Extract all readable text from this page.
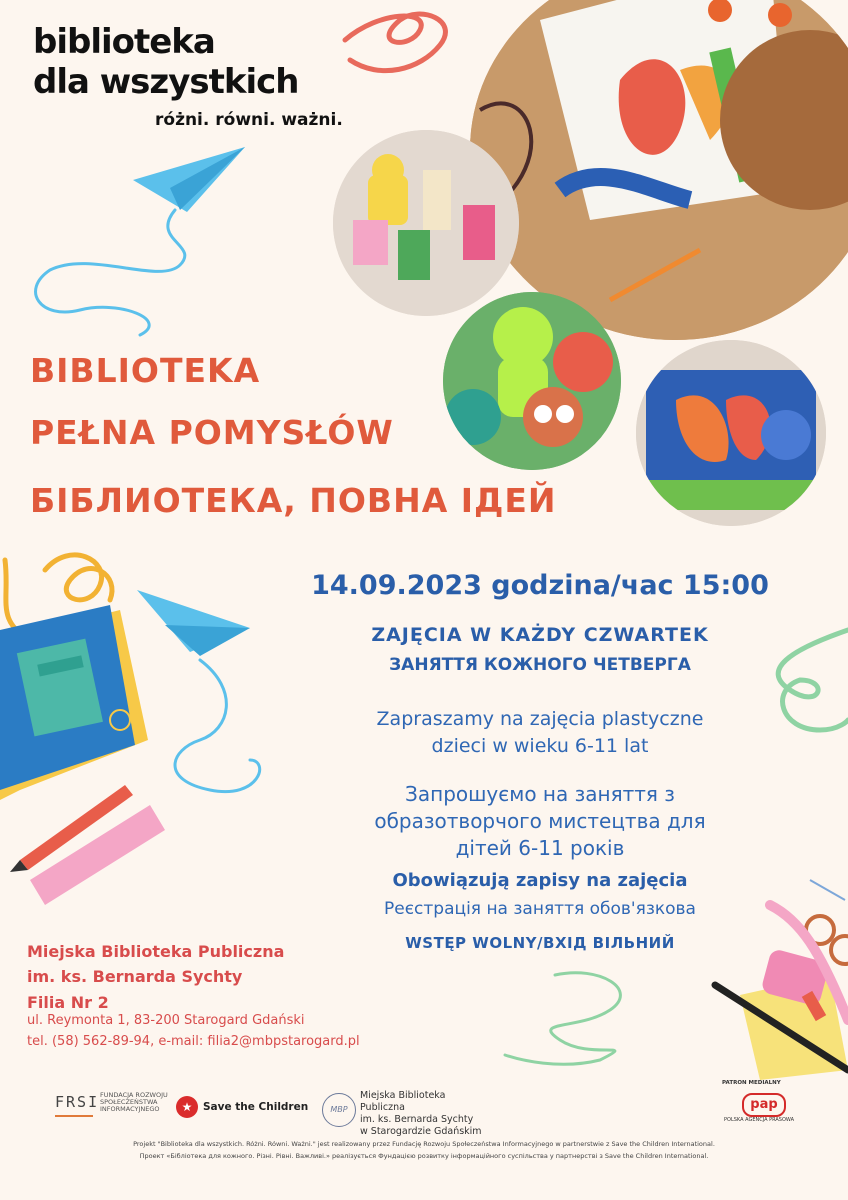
biblioteka
dla wszystkich
różni. równi. ważni.
BIBLIOTEKA
PEŁNA POMYSŁÓW
БІБЛИОТЕКА, ПОВНА ІДЕЙ
14.09.2023 godzina/час 15:00
ZAJĘCIA W KAŻDY CZWARTEK
ЗАНЯТТЯ КОЖНОГО ЧЕТВЕРГА
Zapraszamy na zajęcia plastyczne
dzieci w wieku 6-11 lat
Запрошуємо на заняття з
образотворчого мистецтва для
дітей 6-11 років
Obowiązują zapisy na zajęcia
Реєстрація на заняття обов'язкова
WSTĘP WOLNY/ВХІД ВІЛЬНИЙ
Miejska Biblioteka Publiczna
im. ks. Bernarda Sychty
Filia Nr 2
ul. Reymonta 1, 83-200 Starogard Gdański
tel. (58) 562-89-94, e-mail: filia2@mbpstarogard.pl
FRSI FUNDACJA ROZWOJU SPOŁECZEŃSTWA INFORMACYJNEGO	★	Save the Children	MBP
Miejska Biblioteka Publiczna
im. ks. Bernarda Sychty
w Starogardzie Gdańskim
PATRON MEDIALNY
pap
POLSKA AGENCJA PRASOWA
Projekt "Biblioteka dla wszystkich. Różni. Równi. Ważni." jest realizowany przez Fundację Rozwoju Społeczeństwa Informacyjnego w partnerstwie z Save the Children International.
Проект «Бібліотека для кожного. Різні. Рівні. Важливі.» реалізується Фундацією розвитку інформаційного суспільства у партнерстві з Save the Children International.
